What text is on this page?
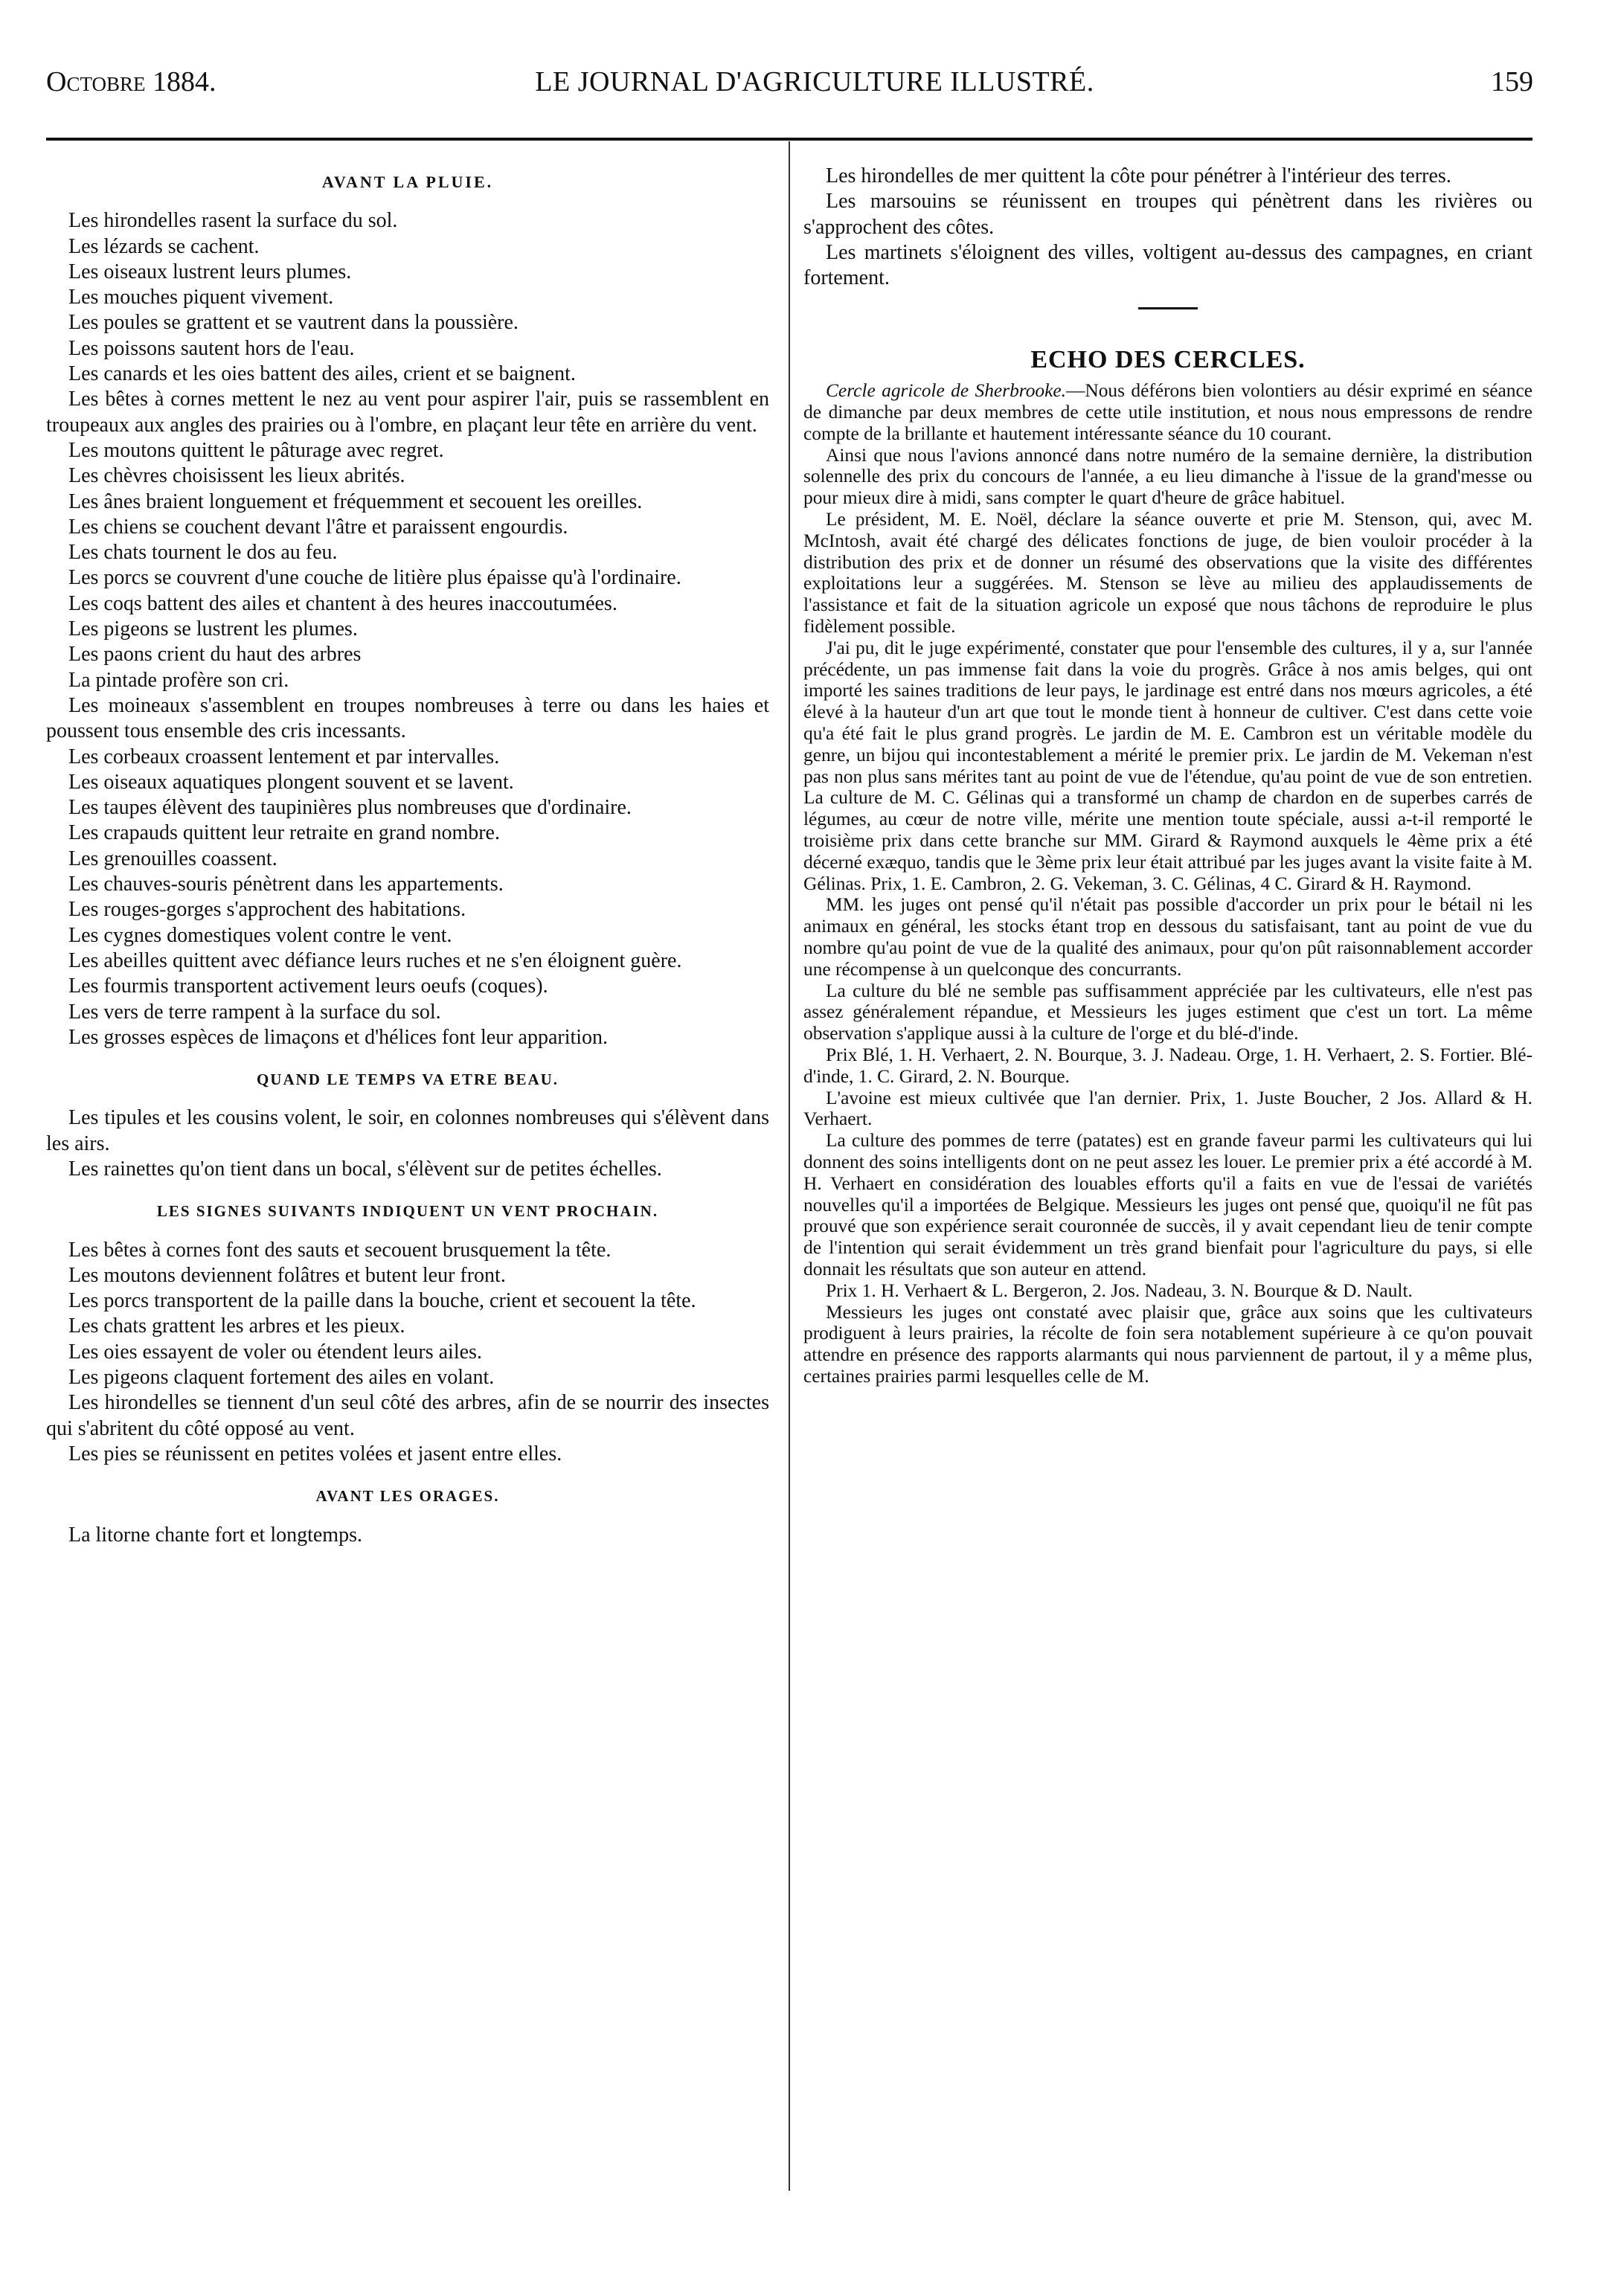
Octobre 1884.	LE JOURNAL D'AGRICULTURE ILLUSTRÉ.	159

AVANT LA PLUIE.

Les hirondelles rasent la surface du sol.

Les lézards se cachent.

Les oiseaux lustrent leurs plumes.

Les mouches piquent vivement.

Les poules se grattent et se vautrent dans la poussière.

Les poissons sautent hors de l'eau.

Les canards et les oies battent des ailes, crient et se baignent.

Les bêtes à cornes mettent le nez au vent pour aspirer l'air, puis se rassemblent en troupeaux aux angles des prairies ou à l'ombre, en plaçant leur tête en arrière du vent.

Les moutons quittent le pâturage avec regret.

Les chèvres choisissent les lieux abrités.

Les ânes braient longuement et fréquemment et secouent les oreilles.

Les chiens se couchent devant l'âtre et paraissent engourdis.

Les chats tournent le dos au feu.

Les porcs se couvrent d'une couche de litière plus épaisse qu'à l'ordinaire.

Les coqs battent des ailes et chantent à des heures inaccoutumées.

Les pigeons se lustrent les plumes.

Les paons crient du haut des arbres

La pintade profère son cri.

Les moineaux s'assemblent en troupes nombreuses à terre ou dans les haies et poussent tous ensemble des cris incessants.

Les corbeaux croassent lentement et par intervalles.

Les oiseaux aquatiques plongent souvent et se lavent.

Les taupes élèvent des taupinières plus nombreuses que d'ordinaire.

Les crapauds quittent leur retraite en grand nombre.

Les grenouilles coassent.

Les chauves-souris pénètrent dans les appartements.

Les rouges-gorges s'approchent des habitations.

Les cygnes domestiques volent contre le vent.

Les abeilles quittent avec défiance leurs ruches et ne s'en éloignent guère.

Les fourmis transportent activement leurs oeufs (coques).

Les vers de terre rampent à la surface du sol.

Les grosses espèces de limaçons et d'hélices font leur apparition.

QUAND LE TEMPS VA ETRE BEAU.

Les tipules et les cousins volent, le soir, en colonnes nombreuses qui s'élèvent dans les airs.

Les rainettes qu'on tient dans un bocal, s'élèvent sur de petites échelles.

LES SIGNES SUIVANTS INDIQUENT UN VENT PROCHAIN.

Les bêtes à cornes font des sauts et secouent brusquement la tête.

Les moutons deviennent folâtres et butent leur front.

Les porcs transportent de la paille dans la bouche, crient et secouent la tête.

Les chats grattent les arbres et les pieux.

Les oies essayent de voler ou étendent leurs ailes.

Les pigeons claquent fortement des ailes en volant.

Les hirondelles se tiennent d'un seul côté des arbres, afin de se nourrir des insectes qui s'abritent du côté opposé au vent.

Les pies se réunissent en petites volées et jasent entre elles.

AVANT LES ORAGES.

La litorne chante fort et longtemps.

Les hirondelles de mer quittent la côte pour pénétrer à l'intérieur des terres.

Les marsouins se réunissent en troupes qui pénètrent dans les rivières ou s'approchent des côtes.

Les martinets s'éloignent des villes, voltigent au-dessus des campagnes, en criant fortement.

ECHO DES CERCLES.

Cercle agricole de Sherbrooke.—Nous déférons bien volontiers au désir exprimé en séance de dimanche par deux membres de cette utile institution, et nous nous empressons de rendre compte de la brillante et hautement intéressante séance du 10 courant.

Ainsi que nous l'avions annoncé dans notre numéro de la semaine dernière, la distribution solennelle des prix du concours de l'année, a eu lieu dimanche à l'issue de la grand'messe ou pour mieux dire à midi, sans compter le quart d'heure de grâce habituel.

Le président, M. E. Noël, déclare la séance ouverte et prie M. Stenson, qui, avec M. McIntosh, avait été chargé des délicates fonctions de juge, de bien vouloir procéder à la distribution des prix et de donner un résumé des observations que la visite des différentes exploitations leur a suggérées. M. Stenson se lève au milieu des applaudissements de l'assistance et fait de la situation agricole un exposé que nous tâchons de reproduire le plus fidèlement possible.

J'ai pu, dit le juge expérimenté, constater que pour l'ensemble des cultures, il y a, sur l'année précédente, un pas immense fait dans la voie du progrès. Grâce à nos amis belges, qui ont importé les saines traditions de leur pays, le jardinage est entré dans nos mœurs agricoles, a été élevé à la hauteur d'un art que tout le monde tient à honneur de cultiver. C'est dans cette voie qu'a été fait le plus grand progrès. Le jardin de M. E. Cambron est un véritable modèle du genre, un bijou qui incontestablement a mérité le premier prix. Le jardin de M. Vekeman n'est pas non plus sans mérites tant au point de vue de l'étendue, qu'au point de vue de son entretien. La culture de M. C. Gélinas qui a transformé un champ de chardon en de superbes carrés de légumes, au cœur de notre ville, mérite une mention toute spéciale, aussi a-t-il remporté le troisième prix dans cette branche sur MM. Girard & Raymond auxquels le 4ème prix a été décerné exæquo, tandis que le 3ème prix leur était attribué par les juges avant la visite faite à M. Gélinas. Prix, 1. E. Cambron, 2. G. Vekeman, 3. C. Gélinas, 4 C. Girard & H. Raymond.

MM. les juges ont pensé qu'il n'était pas possible d'accorder un prix pour le bétail ni les animaux en général, les stocks étant trop en dessous du satisfaisant, tant au point de vue du nombre qu'au point de vue de la qualité des animaux, pour qu'on pût raisonnablement accorder une récompense à un quelconque des concurrants.

La culture du blé ne semble pas suffisamment appréciée par les cultivateurs, elle n'est pas assez généralement répandue, et Messieurs les juges estiment que c'est un tort. La même observation s'applique aussi à la culture de l'orge et du blé-d'inde.

Prix Blé, 1. H. Verhaert, 2. N. Bourque, 3. J. Nadeau. Orge, 1. H. Verhaert, 2. S. Fortier. Blé-d'inde, 1. C. Girard, 2. N. Bourque.

L'avoine est mieux cultivée que l'an dernier. Prix, 1. Juste Boucher, 2 Jos. Allard & H. Verhaert.

La culture des pommes de terre (patates) est en grande faveur parmi les cultivateurs qui lui donnent des soins intelligents dont on ne peut assez les louer. Le premier prix a été accordé à M. H. Verhaert en considération des louables efforts qu'il a faits en vue de l'essai de variétés nouvelles qu'il a importées de Belgique. Messieurs les juges ont pensé que, quoiqu'il ne fût pas prouvé que son expérience serait couronnée de succès, il y avait cependant lieu de tenir compte de l'intention qui serait évidemment un très grand bienfait pour l'agriculture du pays, si elle donnait les résultats que son auteur en attend.

Prix 1. H. Verhaert & L. Bergeron, 2. Jos. Nadeau, 3. N. Bourque & D. Nault.

Messieurs les juges ont constaté avec plaisir que, grâce aux soins que les cultivateurs prodiguent à leurs prairies, la récolte de foin sera notablement supérieure à ce qu'on pouvait attendre en présence des rapports alarmants qui nous parviennent de partout, il y a même plus, certaines prairies parmi lesquelles celle de M.
